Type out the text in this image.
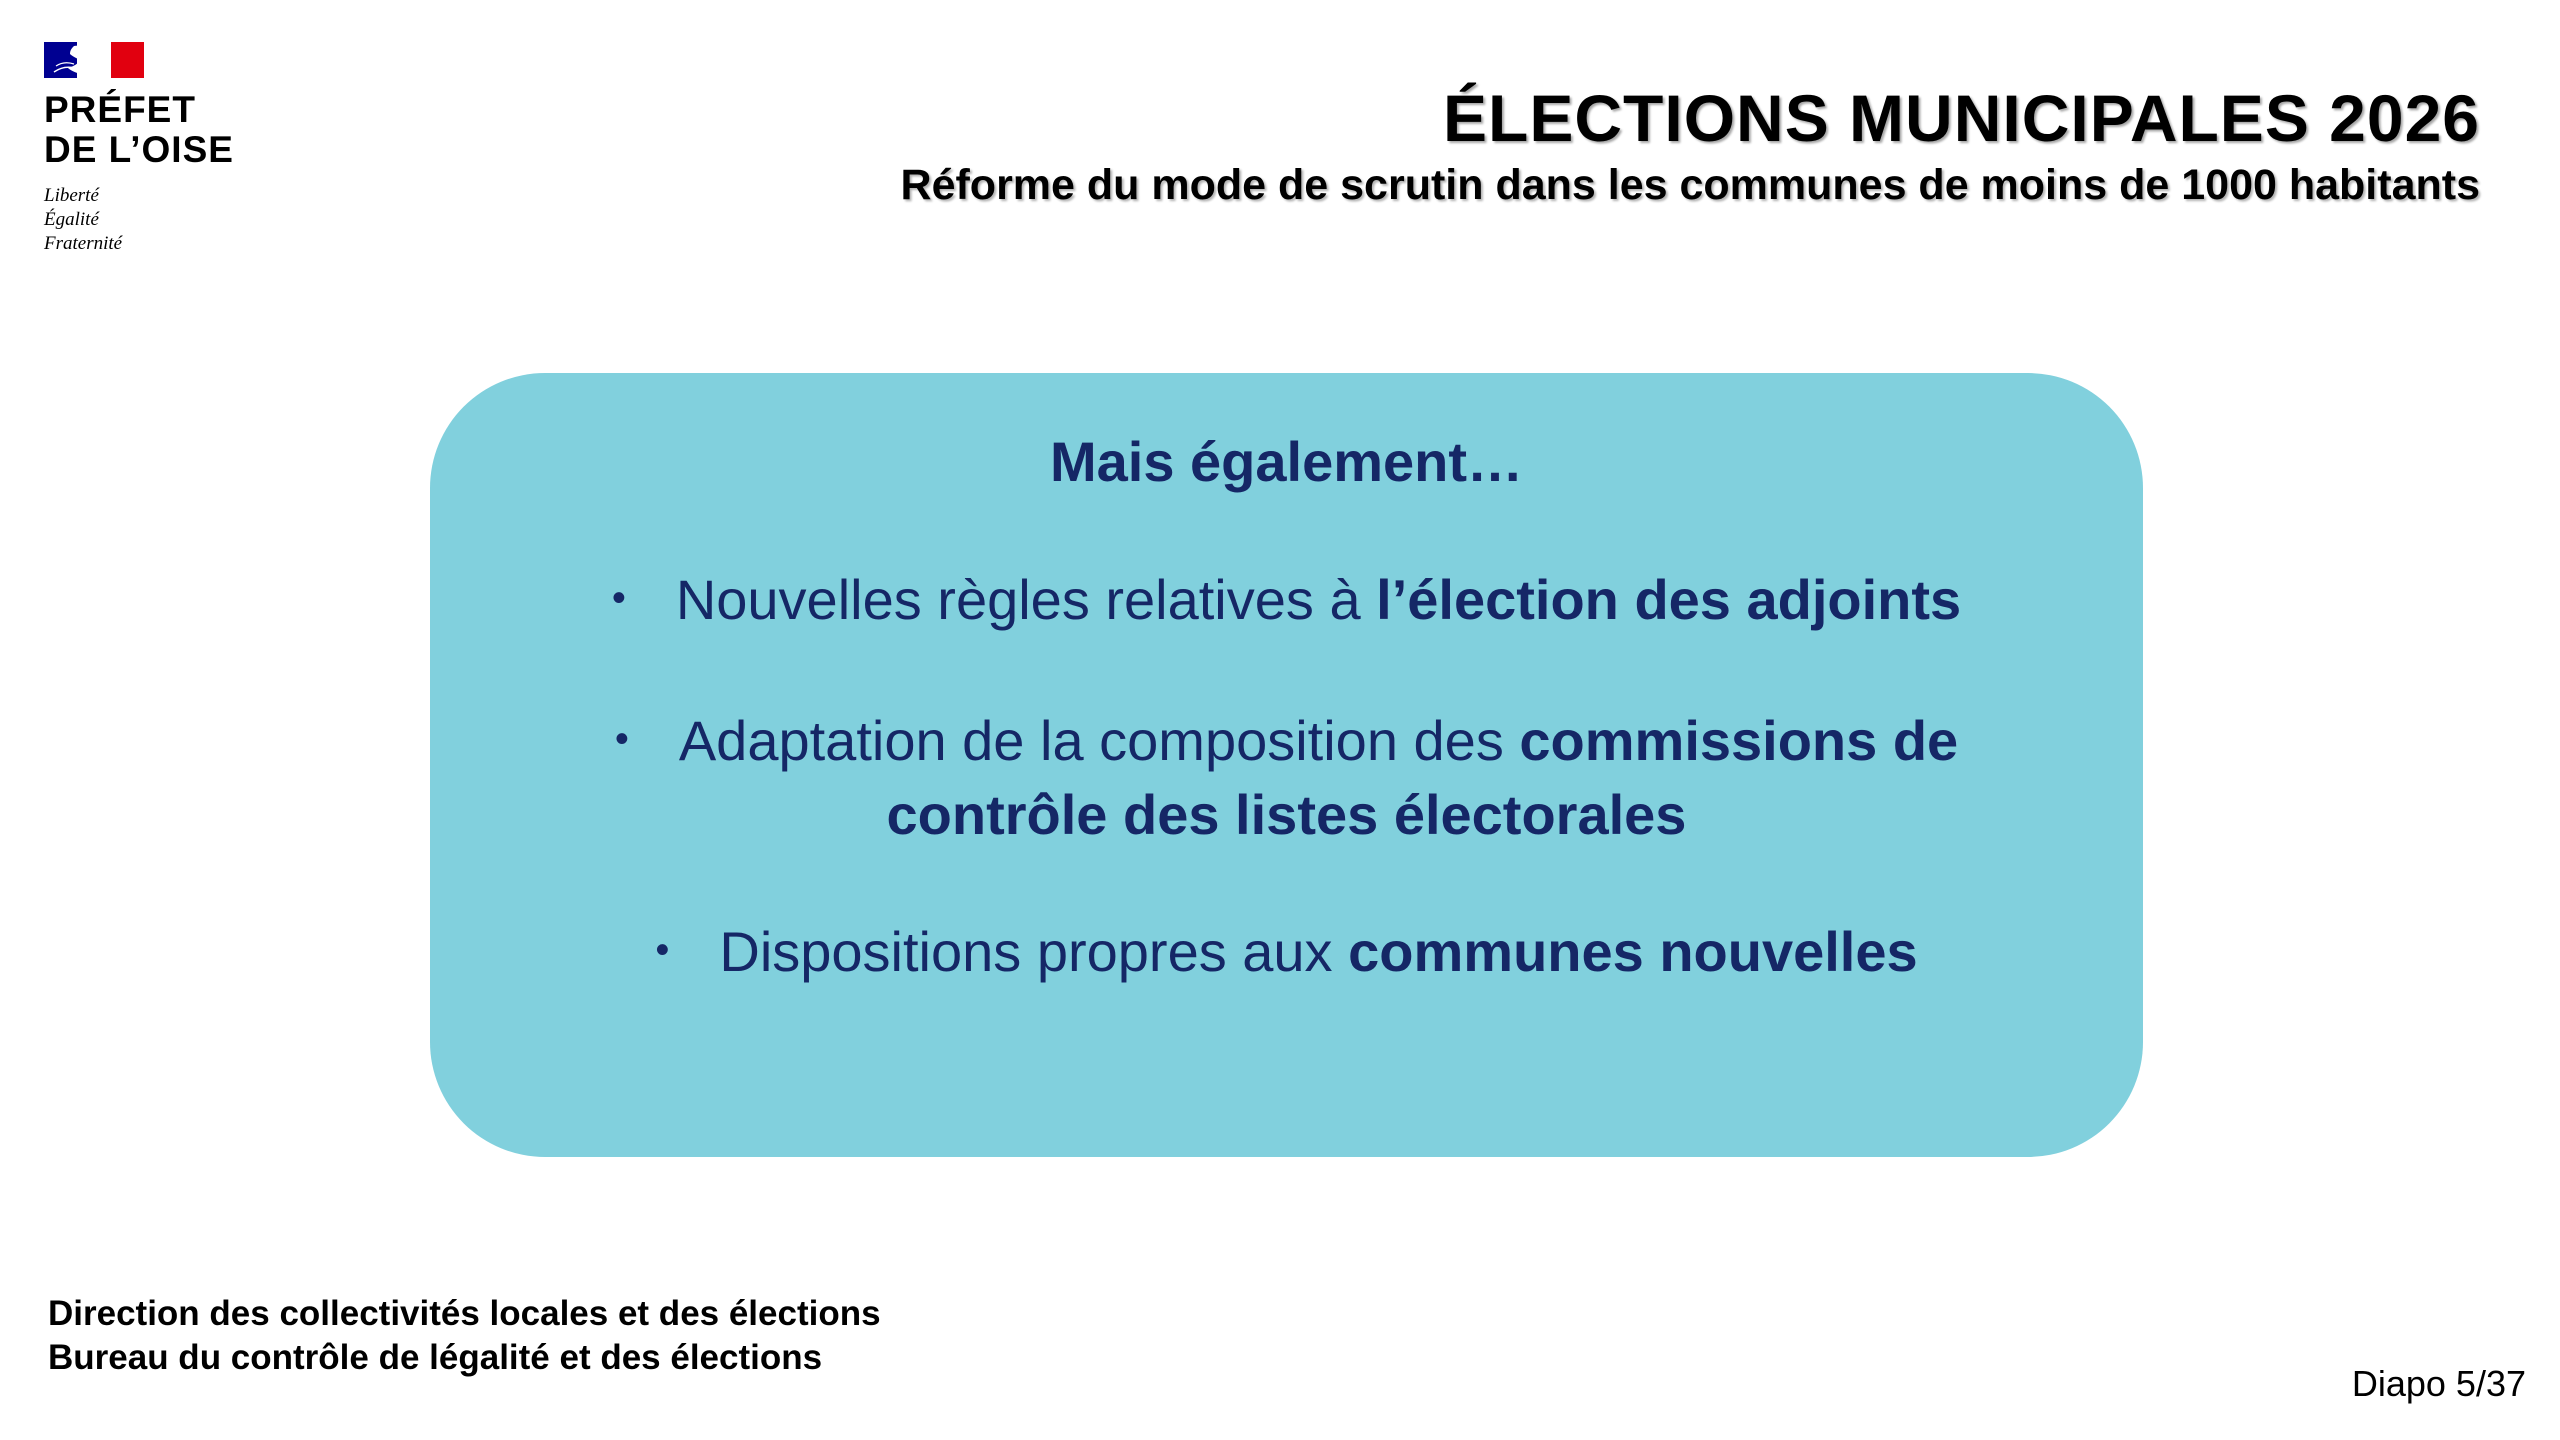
PRÉFET
DE L’OISE
Liberté
Égalité
Fraternité
ÉLECTIONS MUNICIPALES 2026
Réforme du mode de scrutin dans les communes de moins de 1000 habitants
Mais également…
• Nouvelles règles relatives à l’élection des adjoints
• Adaptation de la composition des commissions de
contrôle des listes électorales
• Dispositions propres aux communes nouvelles
Direction des collectivités locales et des élections
Bureau du contrôle de légalité et des élections
Diapo 5/37
